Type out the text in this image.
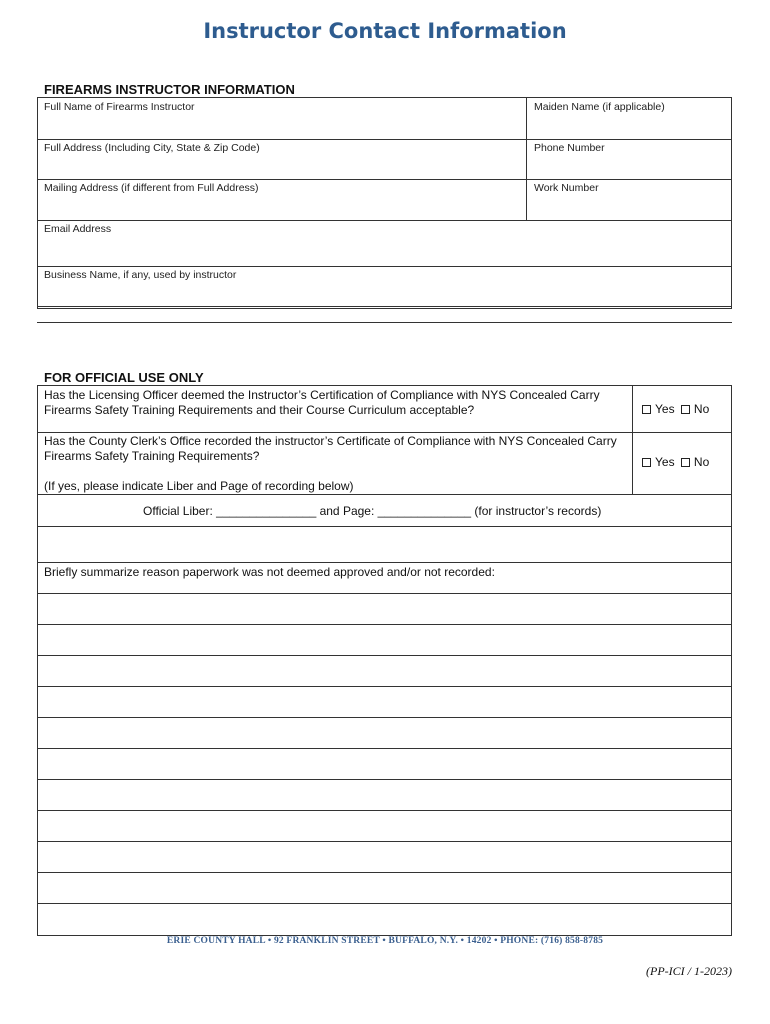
Instructor Contact Information
FIREARMS INSTRUCTOR INFORMATION
Full Name of Firearms Instructor	Maiden Name (if applicable)
Full Address (Including City, State & Zip Code)	Phone Number
Mailing Address (if different from Full Address)	Work Number
Email Address
Business Name, if any, used by instructor
FOR OFFICIAL USE ONLY
Has the Licensing Officer deemed the Instructor’s Certification of Compliance with NYS Concealed Carry Firearms Safety Training Requirements and their Course Curriculum acceptable?	Yes No
Has the County Clerk’s Office recorded the instructor’s Certificate of Compliance with NYS Concealed Carry Firearms Safety Training Requirements?	Yes No
(If yes, please indicate Liber and Page of recording below)
Official Liber: _______________ and Page: ______________ (for instructor’s records)
Briefly summarize reason paperwork was not deemed approved and/or not recorded:
ERIE COUNTY HALL • 92 FRANKLIN STREET • BUFFALO, N.Y. • 14202 • PHONE: (716) 858-8785
(PP-ICI / 1-2023)
